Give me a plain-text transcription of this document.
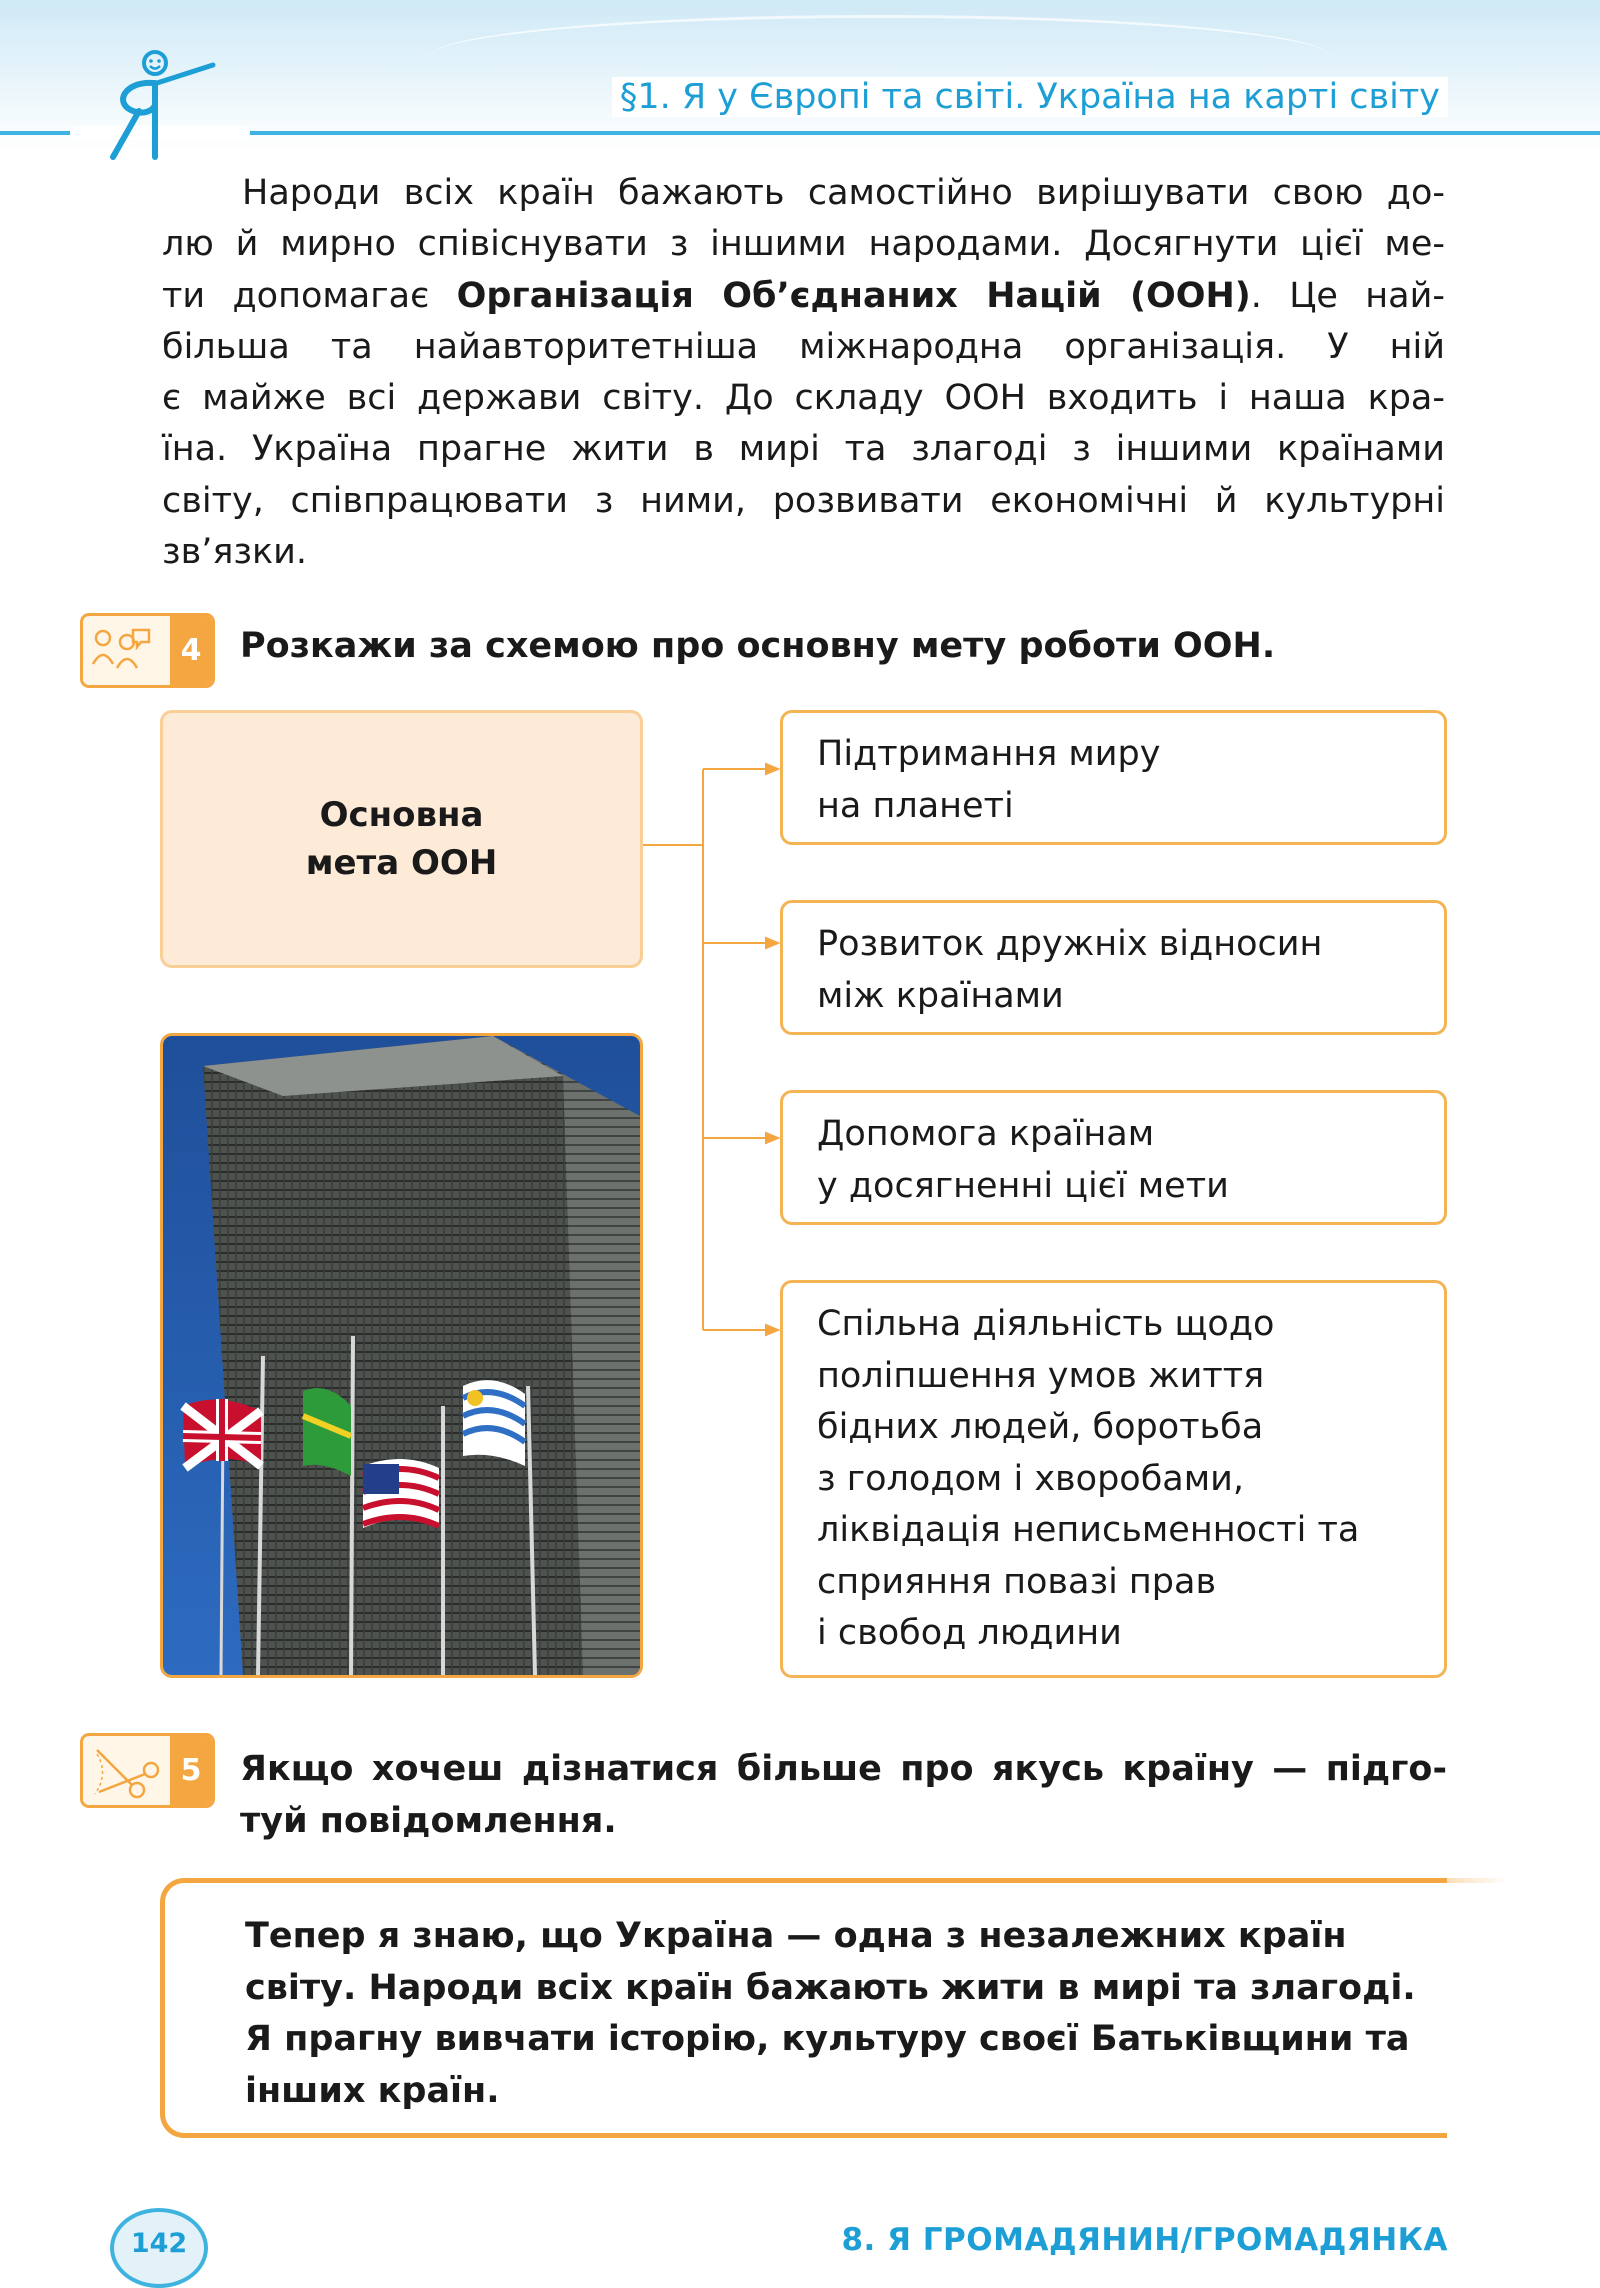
§1. Я у Європі та світі. Україна на карті світу

Народи всіх країн бажають самостійно вирішувати свою до-
лю й мирно співіснувати з іншими народами. Досягнути цієї ме-
ти допомагає Організація Об’єднаних Націй (ООН). Це най-
більша та найавторитетніша міжнародна організація. У ній
є майже всі держави світу. До складу ООН входить і наша кра-
їна. Україна прагне жити в мирі та злагоді з іншими країнами
світу, співпрацювати з ними, розвивати економічні й культурні
зв’язки.

4	Розкажи за схемою про основну мету роботи ООН.

Основна
мета ООН
Підтримання миру
на планеті
Розвиток дружніх відносин
між країнами
Допомога країнам
у досягненні цієї мети
Спільна діяльність щодо
поліпшення умов життя
бідних людей, боротьба
з голодом і хворобами,
ліквідація неписьменності та
сприяння повазі прав
і свобод людини
5	Якщо хочеш дізнатися більше про якусь країну — підго-
туй повідомлення.

Тепер я знаю, що Україна — одна з незалежних країн
світу. Народи всіх країн бажають жити в мирі та злагоді.
Я прагну вивчати історію, культуру своєї Батьківщини та
інших країн.
142	8. Я ГРОМАДЯНИН/ГРОМАДЯНКА
